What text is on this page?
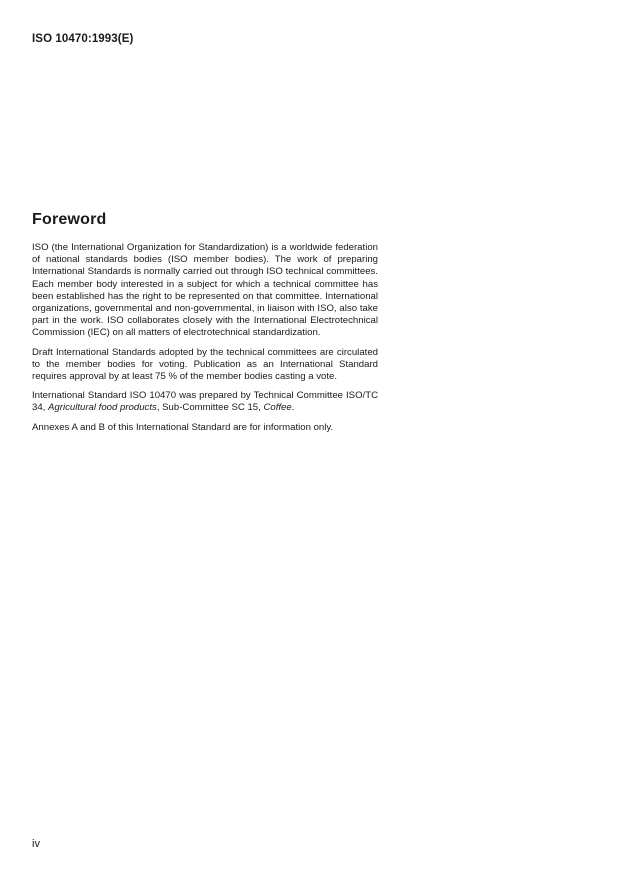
ISO 10470:1993(E)
Foreword

ISO (the International Organization for Standardization) is a worldwide federation of national standards bodies (ISO member bodies). The work of preparing International Standards is normally carried out through ISO technical committees. Each member body interested in a subject for which a technical committee has been established has the right to be represented on that committee. International organizations, governmental and non-governmental, in liaison with ISO, also take part in the work. ISO collaborates closely with the International Electrotechnical Commission (IEC) on all matters of electrotechnical standardization.

Draft International Standards adopted by the technical committees are circulated to the member bodies for voting. Publication as an International Standard requires approval by at least 75 % of the member bodies casting a vote.

International Standard ISO 10470 was prepared by Technical Committee ISO/TC 34, Agricultural food products, Sub-Committee SC 15, Coffee.

Annexes A and B of this International Standard are for information only.

iv
